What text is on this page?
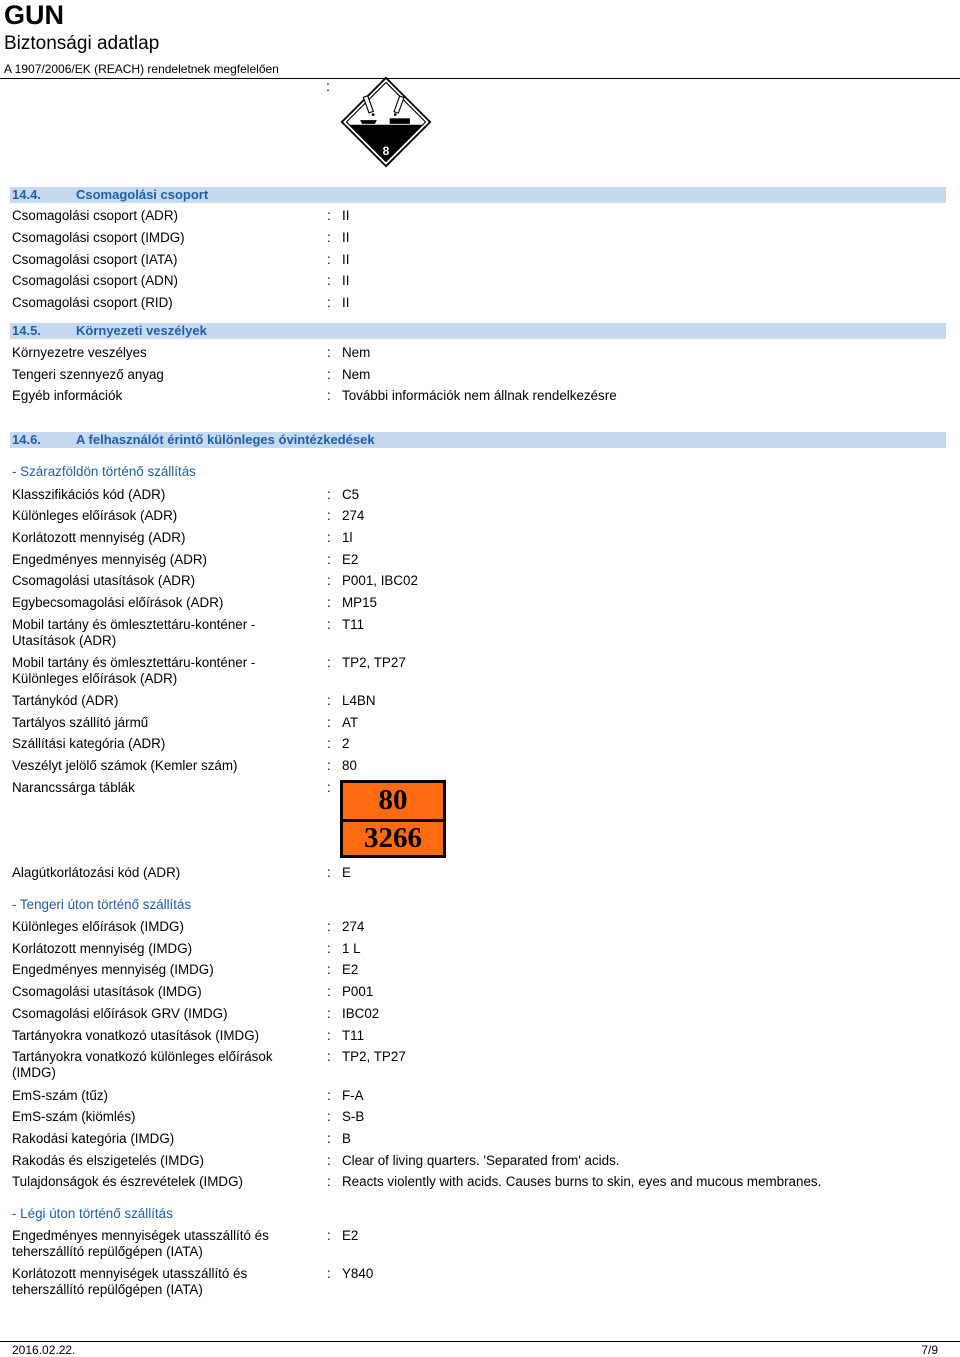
GUN
Biztonsági adatlap
A 1907/2006/EK (REACH) rendeletnek megfelelően
:
8
14.4.	Csomagolási csoport
Csomagolási csoport (ADR)	: II
Csomagolási csoport (IMDG)	: II
Csomagolási csoport (IATA)	: II
Csomagolási csoport (ADN)	: II
Csomagolási csoport (RID)	: II
14.5.	Környezeti veszélyek
Környezetre veszélyes	: Nem
Tengeri szennyező anyag	: Nem
Egyéb információk	: További információk nem állnak rendelkezésre
14.6.	A felhasználót érintő különleges óvintézkedések
- Szárazföldön történő szállítás
Klasszifikációs kód (ADR)	: C5
Különleges előírások (ADR)	: 274
Korlátozott mennyiség (ADR)	: 1l
Engedményes mennyiség (ADR)	: E2
Csomagolási utasítások (ADR)	: P001, IBC02
Egybecsomagolási előírások (ADR)	: MP15
Mobil tartány és ömlesztettáru-konténer - Utasítások (ADR)
: T11
Mobil tartány és ömlesztettáru-konténer - Különleges előírások (ADR)
: TP2, TP27
Tartánykód (ADR)	: L4BN
Tartályos szállító jármű	: AT
Szállítási kategória (ADR)	: 2
Veszélyt jelölő számok (Kemler szám)	: 80
Narancssárga táblák	:	80
3266
Alagútkorlátozási kód (ADR)	: E
- Tengeri úton történő szállítás
Különleges előírások (IMDG)	: 274
Korlátozott mennyiség (IMDG)	: 1 L
Engedményes mennyiség (IMDG)	: E2
Csomagolási utasítások (IMDG)	: P001
Csomagolási előírások GRV (IMDG)	: IBC02
Tartányokra vonatkozó utasítások (IMDG)	: T11
Tartányokra vonatkozó különleges előírások (IMDG)
: TP2, TP27
EmS-szám (tűz)	: F-A
EmS-szám (kiömlés)	: S-B
Rakodási kategória (IMDG)	: B
Rakodás és elszigetelés (IMDG)	: Clear of living quarters. 'Separated from' acids.
Tulajdonságok és észrevételek (IMDG)	: Reacts violently with acids. Causes burns to skin, eyes and mucous membranes.
- Légi úton történő szállítás
Engedményes mennyiségek utasszállító és teherszállító repülőgépen (IATA)
: E2
Korlátozott mennyiségek utasszállító és teherszállító repülőgépen (IATA)
: Y840
2016.02.22.	7/9
